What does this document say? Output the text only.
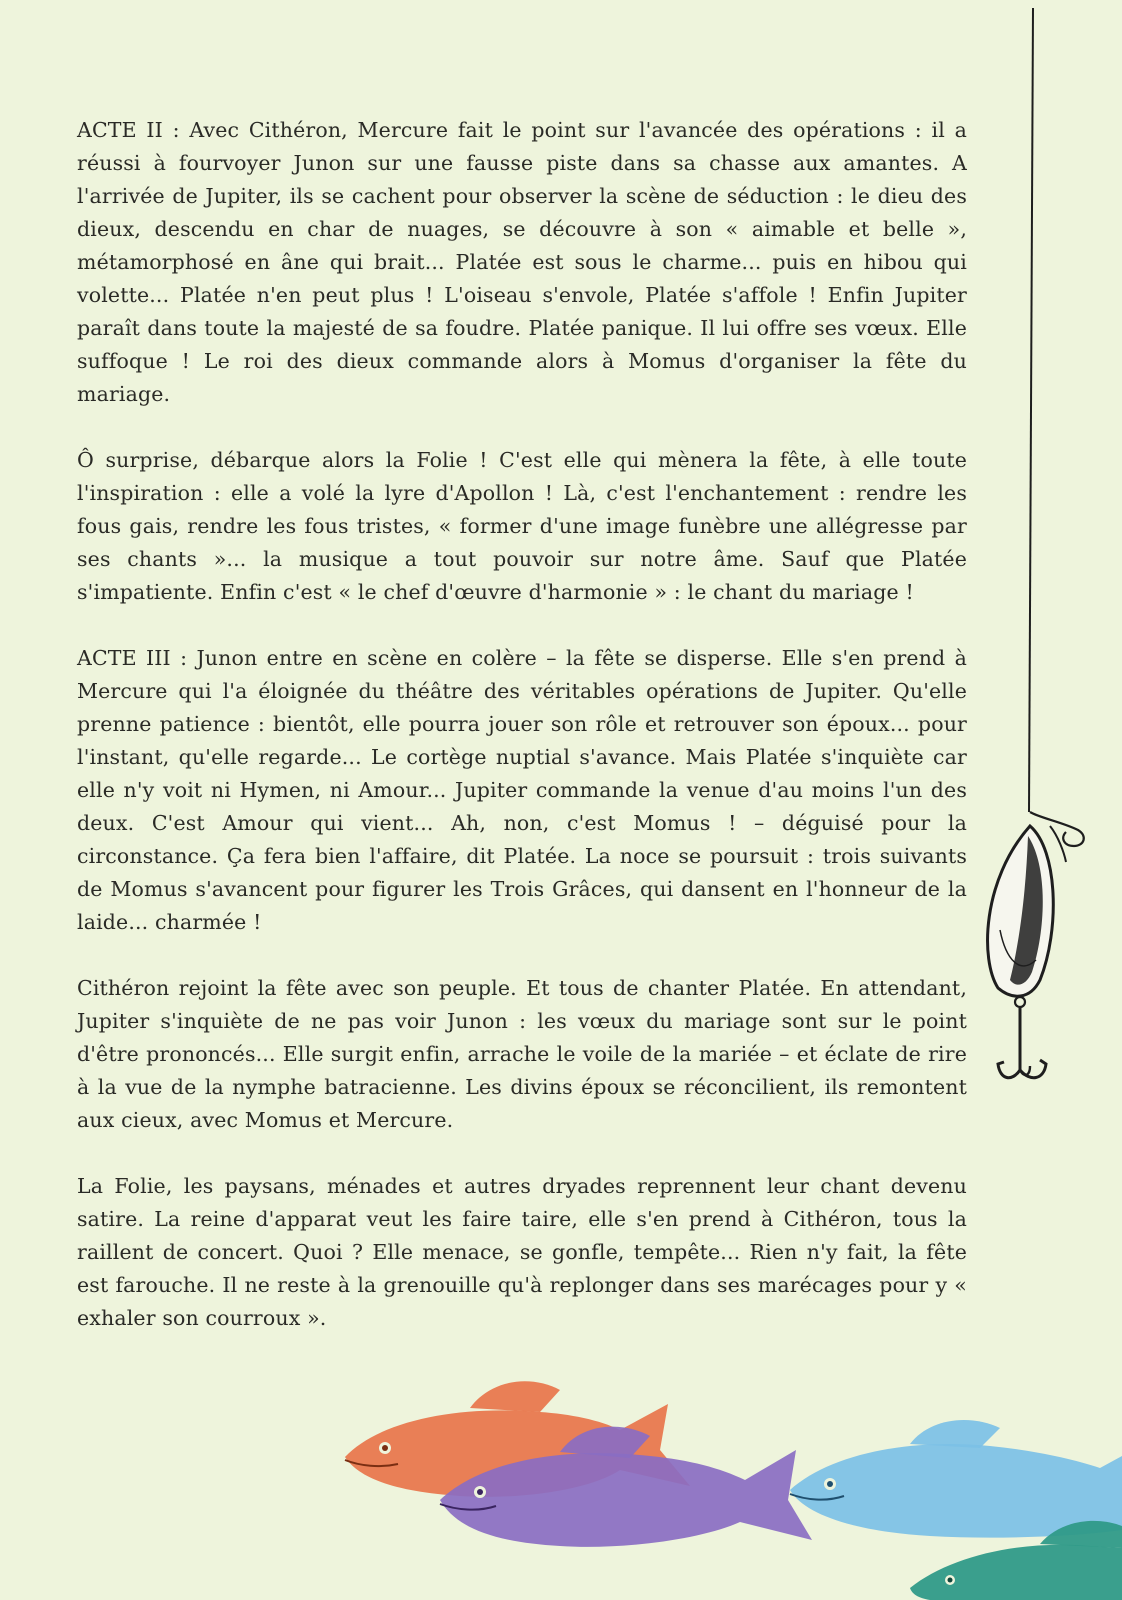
ACTE II : Avec Cithéron, Mercure fait le point sur l'avancée des opérations : il a réussi à fourvoyer Junon sur une fausse piste dans sa chasse aux amantes. A l'arrivée de Jupiter, ils se cachent pour observer la scène de séduction : le dieu des dieux, descendu en char de nuages, se découvre à son « aimable et belle », métamorphosé en âne qui brait... Platée est sous le charme... puis en hibou qui volette... Platée n'en peut plus ! L'oiseau s'envole, Platée s'affole ! Enfin Jupiter paraît dans toute la majesté de sa foudre. Platée panique. Il lui offre ses vœux. Elle suffoque ! Le roi des dieux commande alors à Momus d'organiser la fête du mariage.

Ô surprise, débarque alors la Folie ! C'est elle qui mènera la fête, à elle toute l'inspiration : elle a volé la lyre d'Apollon ! Là, c'est l'enchantement : rendre les fous gais, rendre les fous tristes, « former d'une image funèbre une allégresse par ses chants »... la musique a tout pouvoir sur notre âme. Sauf que Platée s'impatiente. Enfin c'est « le chef d'œuvre d'harmonie » : le chant du mariage !

ACTE III : Junon entre en scène en colère – la fête se disperse. Elle s'en prend à Mercure qui l'a éloignée du théâtre des véritables opérations de Jupiter. Qu'elle prenne patience : bientôt, elle pourra jouer son rôle et retrouver son époux... pour l'instant, qu'elle regarde... Le cortège nuptial s'avance. Mais Platée s'inquiète car elle n'y voit ni Hymen, ni Amour... Jupiter commande la venue d'au moins l'un des deux. C'est Amour qui vient... Ah, non, c'est Momus ! – déguisé pour la circonstance. Ça fera bien l'affaire, dit Platée. La noce se poursuit : trois suivants de Momus s'avancent pour figurer les Trois Grâces, qui dansent en l'honneur de la laide... charmée !

Cithéron rejoint la fête avec son peuple. Et tous de chanter Platée. En attendant, Jupiter s'inquiète de ne pas voir Junon : les vœux du mariage sont sur le point d'être prononcés... Elle surgit enfin, arrache le voile de la mariée – et éclate de rire à la vue de la nymphe batracienne. Les divins époux se réconcilient, ils remontent aux cieux, avec Momus et Mercure.

La Folie, les paysans, ménades et autres dryades reprennent leur chant devenu satire. La reine d'apparat veut les faire taire, elle s'en prend à Cithéron, tous la raillent de concert. Quoi ? Elle menace, se gonfle, tempête... Rien n'y fait, la fête est farouche. Il ne reste à la grenouille qu'à replonger dans ses marécages pour y « exhaler son courroux ».
